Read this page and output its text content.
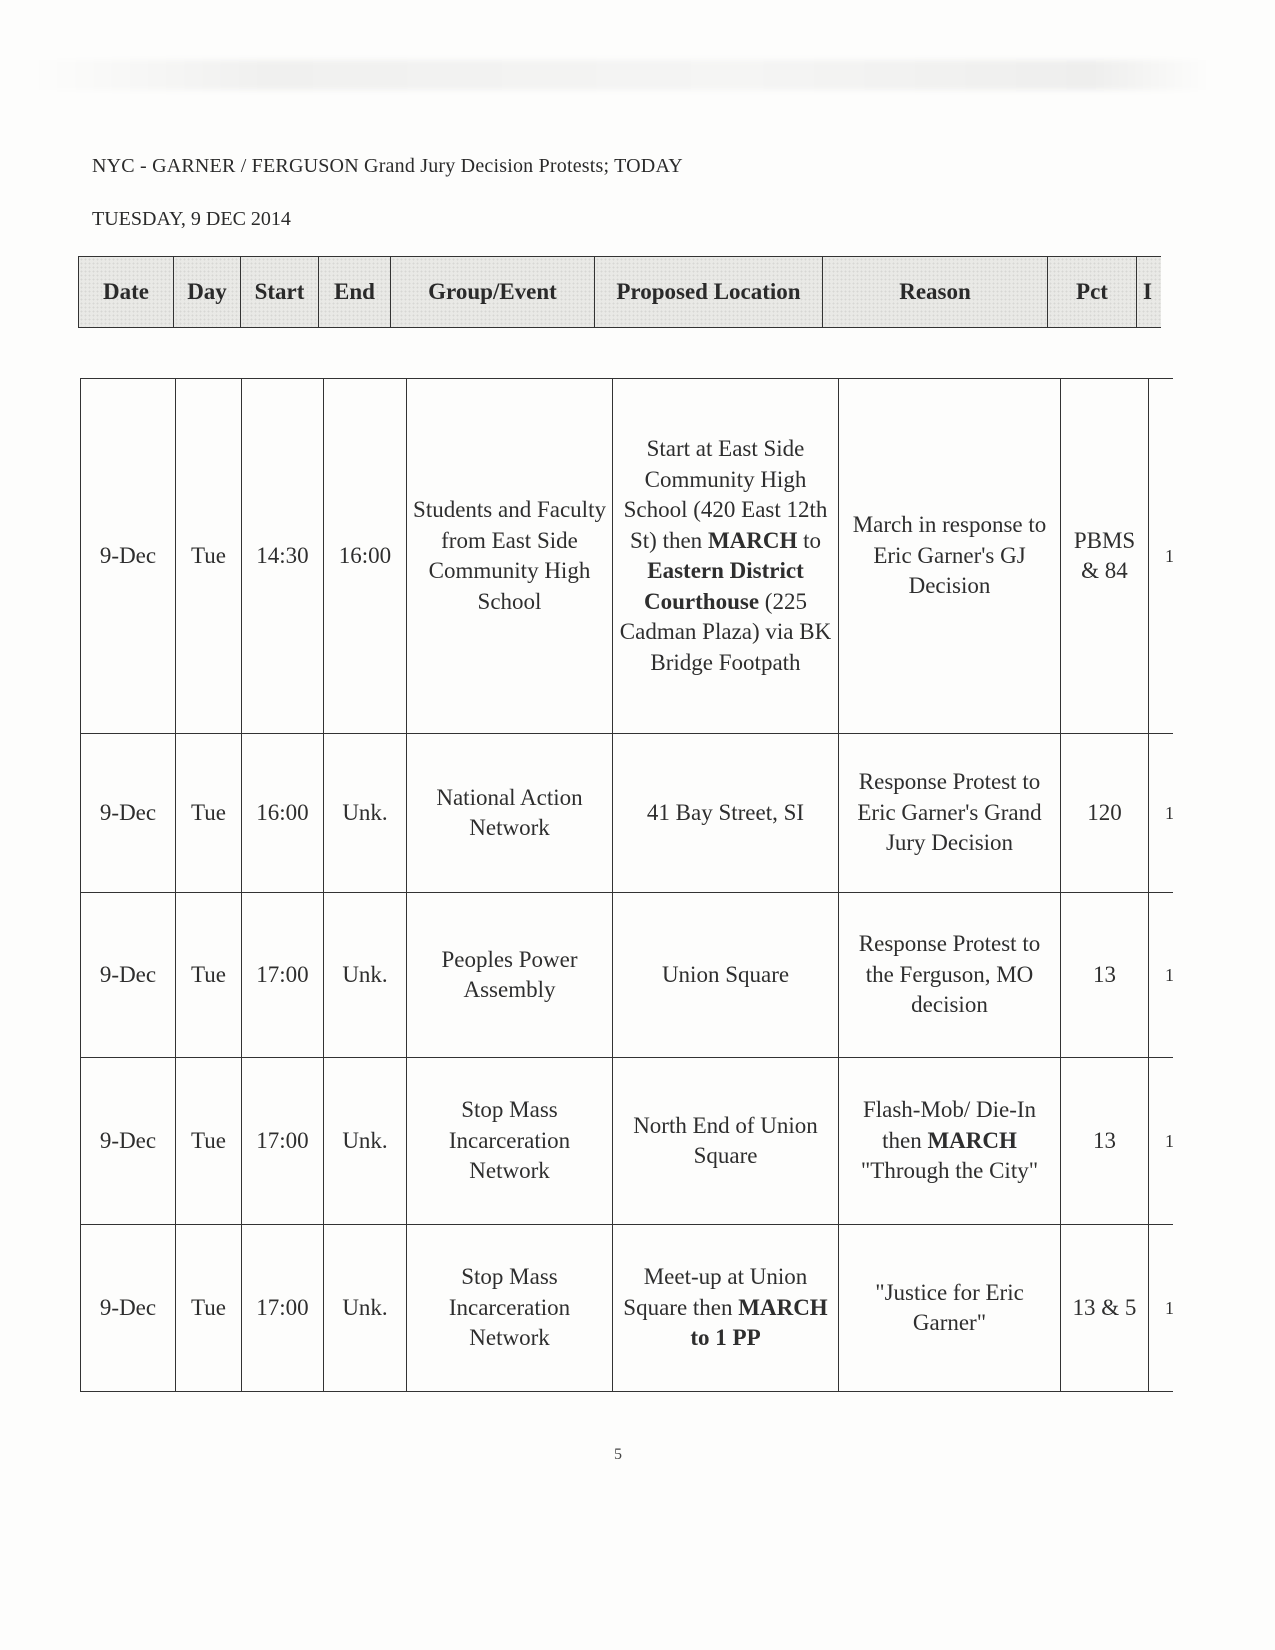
NYC - GARNER / FERGUSON Grand Jury Decision Protests; TODAY
TUESDAY, 9 DEC 2014
Date	Day	Start	End	Group/Event	Proposed Location	Reason	Pct	I
9-Dec	Tue	14:30	16:00	Students and Faculty from East Side Community High School	Start at East Side Community High School (420 East 12th St) then MARCH to Eastern District Courthouse (225 Cadman Plaza) via BK Bridge Footpath	March in response to Eric Garner's GJ Decision	PBMS & 84	1
9-Dec	Tue	16:00	Unk.	National Action Network	41 Bay Street, SI	Response Protest to Eric Garner's Grand Jury Decision	120	1
9-Dec	Tue	17:00	Unk.	Peoples Power Assembly	Union Square	Response Protest to the Ferguson, MO decision	13	1
9-Dec	Tue	17:00	Unk.	Stop Mass Incarceration Network	North End of Union Square	Flash-Mob/ Die-In then MARCH "Through the City"	13	1
9-Dec	Tue	17:00	Unk.	Stop Mass Incarceration Network	Meet-up at Union Square then MARCH to 1 PP	"Justice for Eric Garner"	13 & 5	1
5
